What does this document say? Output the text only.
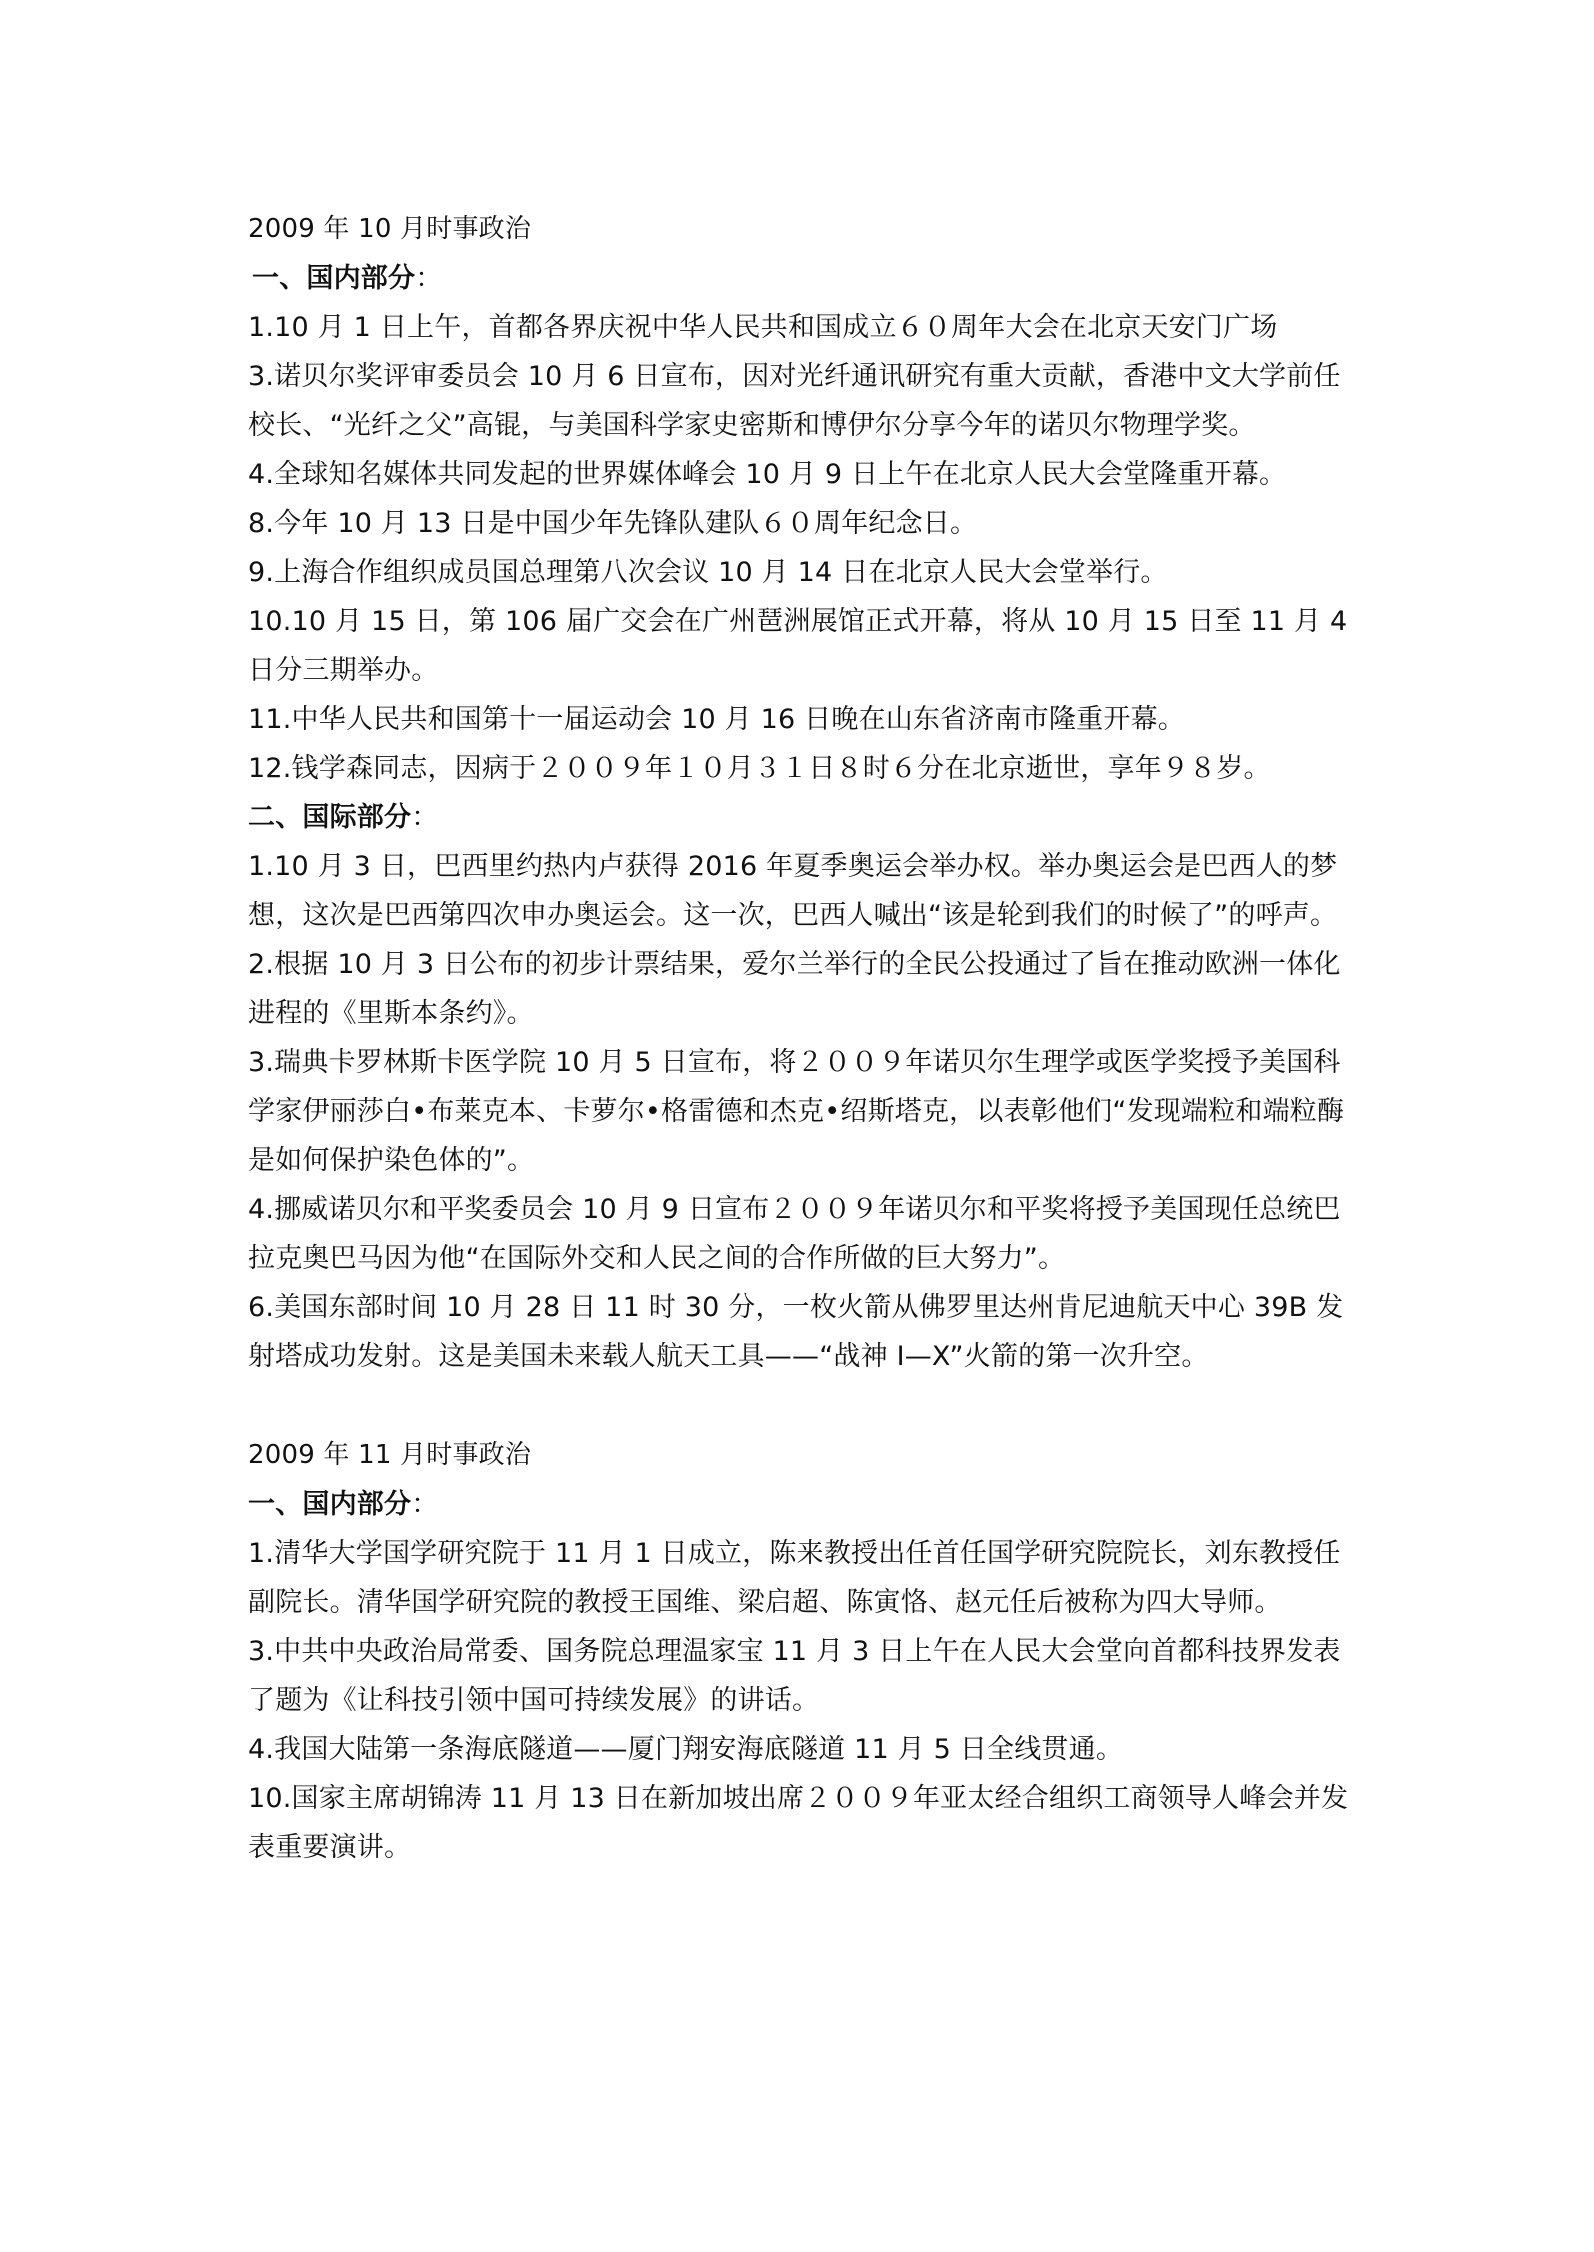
2009 年 10 月时事政治

一、国内部分：

1.10 月 1 日上午，首都各界庆祝中华人民共和国成立６０周年大会在北京天安门广场

3.诺贝尔奖评审委员会 10 月 6 日宣布，因对光纤通讯研究有重大贡献，香港中文大学前任校长、“光纤之父”高锟，与美国科学家史密斯和博伊尔分享今年的诺贝尔物理学奖。

4.全球知名媒体共同发起的世界媒体峰会 10 月 9 日上午在北京人民大会堂隆重开幕。

8.今年 10 月 13 日是中国少年先锋队建队６０周年纪念日。

9.上海合作组织成员国总理第八次会议 10 月 14 日在北京人民大会堂举行。

10.10 月 15 日，第 106 届广交会在广州琶洲展馆正式开幕，将从 10 月 15 日至 11 月 4 日分三期举办。

11.中华人民共和国第十一届运动会 10 月 16 日晚在山东省济南市隆重开幕。

12.钱学森同志，因病于２００９年１０月３１日８时６分在北京逝世，享年９８岁。

二、国际部分：

1.10 月 3 日，巴西里约热内卢获得 2016 年夏季奥运会举办权。举办奥运会是巴西人的梦想，这次是巴西第四次申办奥运会。这一次，巴西人喊出“该是轮到我们的时候了”的呼声。

2.根据 10 月 3 日公布的初步计票结果，爱尔兰举行的全民公投通过了旨在推动欧洲一体化进程的《里斯本条约》。

3.瑞典卡罗林斯卡医学院 10 月 5 日宣布，将２００９年诺贝尔生理学或医学奖授予美国科学家伊丽莎白•布莱克本、卡萝尔•格雷德和杰克•绍斯塔克，以表彰他们“发现端粒和端粒酶是如何保护染色体的”。

4.挪威诺贝尔和平奖委员会 10 月 9 日宣布２００９年诺贝尔和平奖将授予美国现任总统巴拉克奥巴马因为他“在国际外交和人民之间的合作所做的巨大努力”。

6.美国东部时间 10 月 28 日 11 时 30 分，一枚火箭从佛罗里达州肯尼迪航天中心 39B 发射塔成功发射。这是美国未来载人航天工具——“战神 I—X”火箭的第一次升空。

2009 年 11 月时事政治

一、国内部分：

1.清华大学国学研究院于 11 月 1 日成立，陈来教授出任首任国学研究院院长，刘东教授任副院长。清华国学研究院的教授王国维、梁启超、陈寅恪、赵元任后被称为四大导师。

3.中共中央政治局常委、国务院总理温家宝 11 月 3 日上午在人民大会堂向首都科技界发表了题为《让科技引领中国可持续发展》的讲话。

4.我国大陆第一条海底隧道——厦门翔安海底隧道 11 月 5 日全线贯通。

10.国家主席胡锦涛 11 月 13 日在新加坡出席２００９年亚太经合组织工商领导人峰会并发表重要演讲。
